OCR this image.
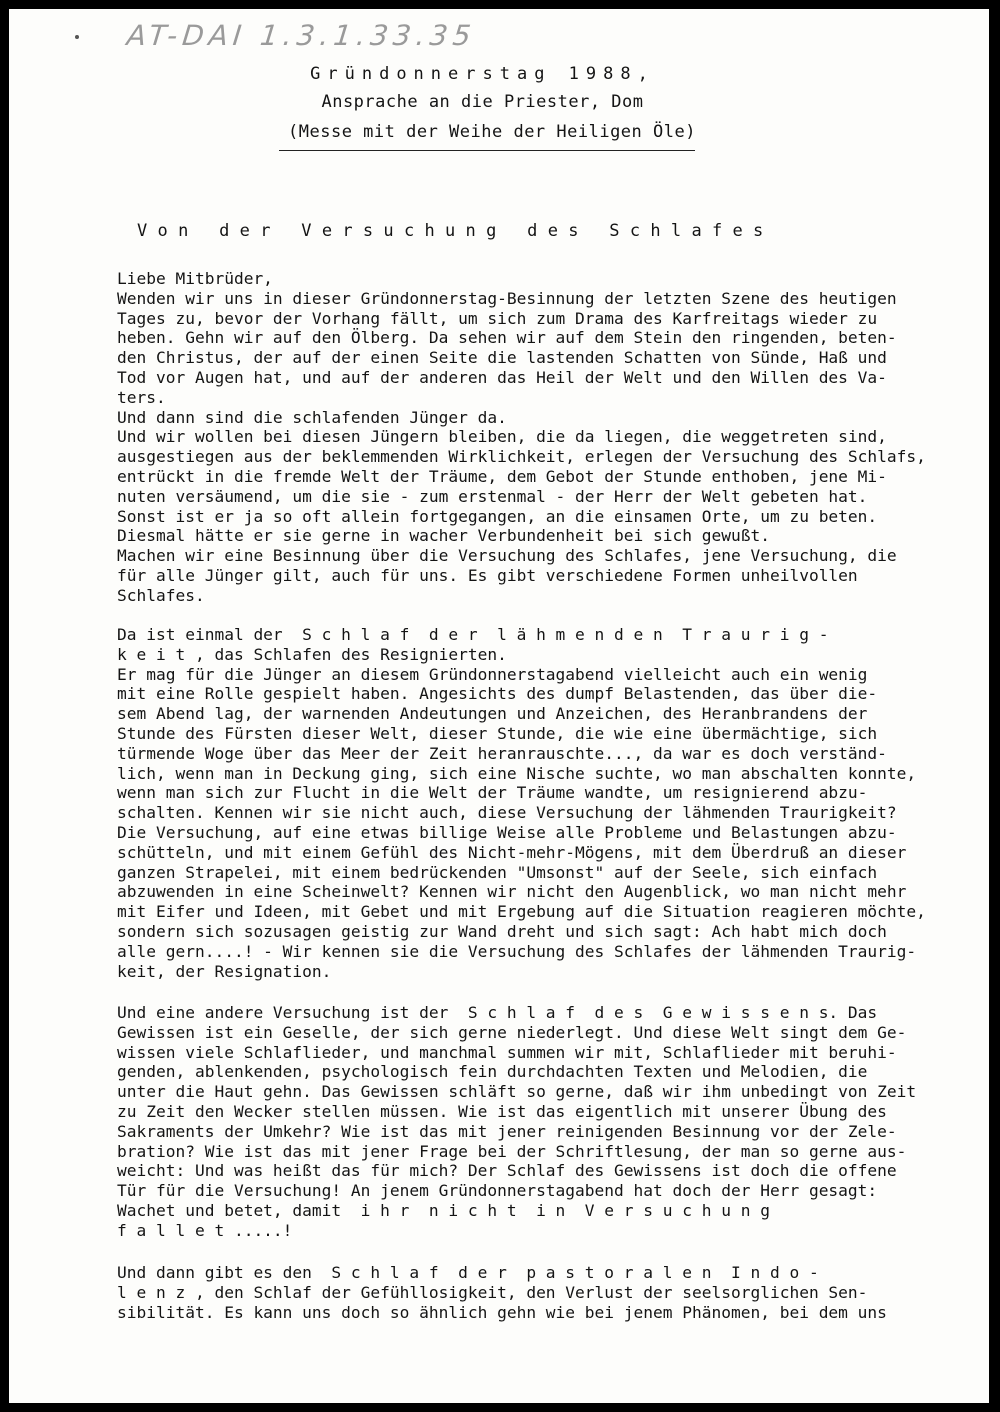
AT-DAI 1.3.1.33.35
Gründonnerstag 1988,
Ansprache an die Priester, Dom
(Messe mit der Weihe der Heiligen Öle)
Von der Versuchung des Schlafes

Liebe Mitbrüder,
Wenden wir uns in dieser Gründonnerstag-Besinnung der letzten Szene des heutigen
Tages zu, bevor der Vorhang fällt, um sich zum Drama des Karfreitags wieder zu
heben. Gehn wir auf den Ölberg. Da sehen wir auf dem Stein den ringenden, beten-
den Christus, der auf der einen Seite die lastenden Schatten von Sünde, Haß und
Tod vor Augen hat, und auf der anderen das Heil der Welt und den Willen des Va-
ters.
Und dann sind die schlafenden Jünger da.
Und wir wollen bei diesen Jüngern bleiben, die da liegen, die weggetreten sind,
ausgestiegen aus der beklemmenden Wirklichkeit, erlegen der Versuchung des Schlafs,
entrückt in die fremde Welt der Träume, dem Gebot der Stunde enthoben, jene Mi-
nuten versäumend, um die sie - zum erstenmal - der Herr der Welt gebeten hat.
Sonst ist er ja so oft allein fortgegangen, an die einsamen Orte, um zu beten.
Diesmal hätte er sie gerne in wacher Verbundenheit bei sich gewußt.
Machen wir eine Besinnung über die Versuchung des Schlafes, jene Versuchung, die
für alle Jünger gilt, auch für uns. Es gibt verschiedene Formen unheilvollen
Schlafes.

Da ist einmal der  S c h l a f  d e r  l ä h m e n d e n  T r a u r i g -
k e i t , das Schlafen des Resignierten.
Er mag für die Jünger an diesem Gründonnerstagabend vielleicht auch ein wenig
mit eine Rolle gespielt haben. Angesichts des dumpf Belastenden, das über die-
sem Abend lag, der warnenden Andeutungen und Anzeichen, des Heranbrandens der
Stunde des Fürsten dieser Welt, dieser Stunde, die wie eine übermächtige, sich
türmende Woge über das Meer der Zeit heranrauschte..., da war es doch verständ-
lich, wenn man in Deckung ging, sich eine Nische suchte, wo man abschalten konnte,
wenn man sich zur Flucht in die Welt der Träume wandte, um resignierend abzu-
schalten. Kennen wir sie nicht auch, diese Versuchung der lähmenden Traurigkeit?
Die Versuchung, auf eine etwas billige Weise alle Probleme und Belastungen abzu-
schütteln, und mit einem Gefühl des Nicht-mehr-Mögens, mit dem Überdruß an dieser
ganzen Strapelei, mit einem bedrückenden "Umsonst" auf der Seele, sich einfach
abzuwenden in eine Scheinwelt? Kennen wir nicht den Augenblick, wo man nicht mehr
mit Eifer und Ideen, mit Gebet und mit Ergebung auf die Situation reagieren möchte,
sondern sich sozusagen geistig zur Wand dreht und sich sagt: Ach habt mich doch
alle gern....! - Wir kennen sie die Versuchung des Schlafes der lähmenden Traurig-
keit, der Resignation.

Und eine andere Versuchung ist der  S c h l a f  d e s  G e w i s s e n s. Das
Gewissen ist ein Geselle, der sich gerne niederlegt. Und diese Welt singt dem Ge-
wissen viele Schlaflieder, und manchmal summen wir mit, Schlaflieder mit beruhi-
genden, ablenkenden, psychologisch fein durchdachten Texten und Melodien, die
unter die Haut gehn. Das Gewissen schläft so gerne, daß wir ihm unbedingt von Zeit
zu Zeit den Wecker stellen müssen. Wie ist das eigentlich mit unserer Übung des
Sakraments der Umkehr? Wie ist das mit jener reinigenden Besinnung vor der Zele-
bration? Wie ist das mit jener Frage bei der Schriftlesung, der man so gerne aus-
weicht: Und was heißt das für mich? Der Schlaf des Gewissens ist doch die offene
Tür für die Versuchung! An jenem Gründonnerstagabend hat doch der Herr gesagt:
Wachet und betet, damit  i h r  n i c h t  i n  V e r s u c h u n g
f a l l e t .....!

Und dann gibt es den  S c h l a f  d e r  p a s t o r a l e n  I n d o -
l e n z , den Schlaf der Gefühllosigkeit, den Verlust der seelsorglichen Sen-
sibilität. Es kann uns doch so ähnlich gehn wie bei jenem Phänomen, bei dem uns
